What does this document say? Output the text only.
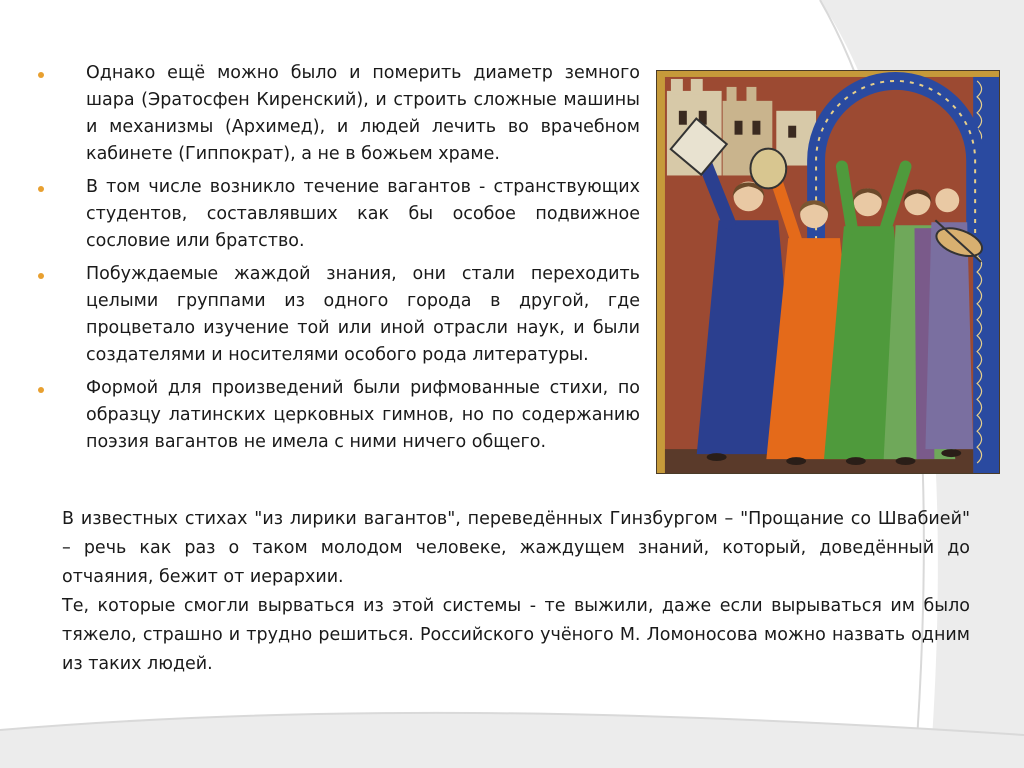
Однако ещё можно было и померить диаметр земного шара (Эратосфен Киренский), и строить сложные машины и механизмы (Архимед), и людей лечить во врачебном кабинете (Гиппократ), а не в божьем храме.
В том числе возникло течение вагантов - странствующих студентов, составлявших как бы особое подвижное сословие или братство.
Побуждаемые жаждой знания, они стали переходить целыми группами из одного города в другой, где процветало изучение той или иной отрасли наук, и были создателями и носителями особого рода литературы.
Формой для произведений были рифмованные стихи, по образцу латинских церковных гимнов, но по содержанию поэзия вагантов не имела с ними ничего общего.

В известных стихах "из лирики вагантов", переведённых Гинзбургом – "Прощание со Швабией" – речь как раз о таком молодом человеке, жаждущем знаний, который, доведённый до отчаяния, бежит от иерархии.

Те, которые смогли вырваться из этой системы - те выжили, даже если вырываться им было тяжело, страшно и трудно решиться. Российского учёного М. Ломоносова можно назвать одним из таких людей.
